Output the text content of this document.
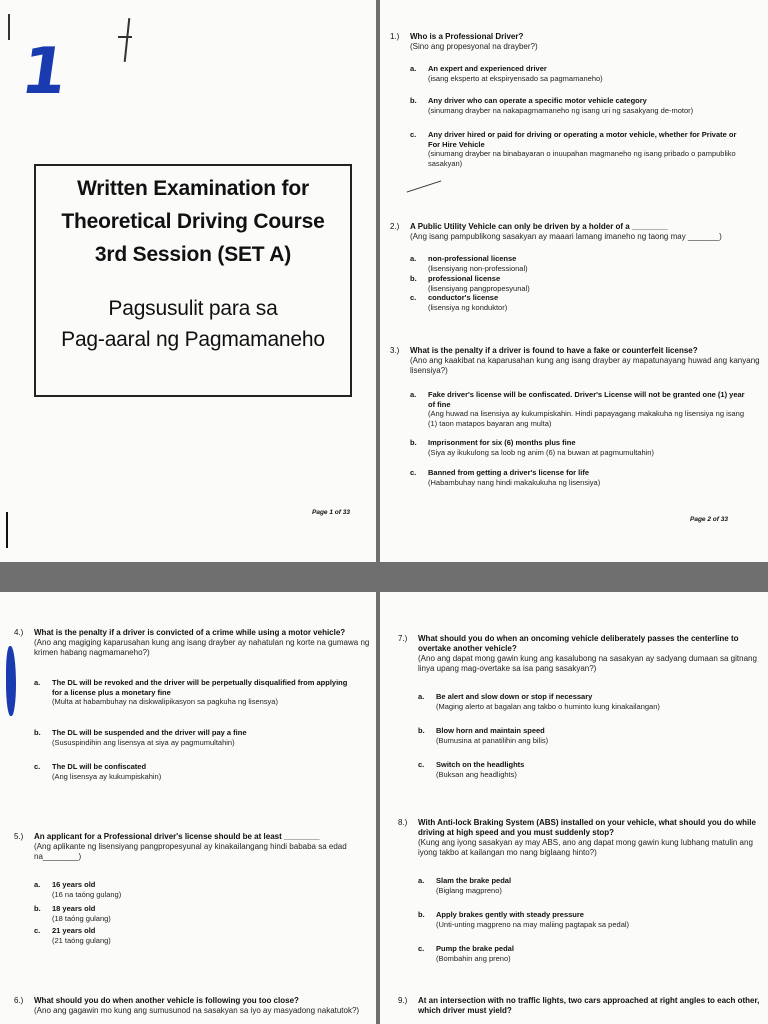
1
Written Examination for
Theoretical Driving Course
3rd Session (SET A)
Pagsusulit para sa
Pag-aaral ng Pagmamaneho
Page 1 of 33
1.) Who is a Professional Driver?
(Sino ang propesyonal na drayber?)
a. An expert and experienced driver
(isang eksperto at ekspiryensado sa pagmamaneho)
b. Any driver who can operate a specific motor vehicle category
(sinumang drayber na nakapagmamaneho ng isang uri ng sasakyang de-motor)
c. Any driver hired or paid for driving or operating a motor vehicle, whether for Private or For Hire Vehicle
(sinumang drayber na binabayaran o inuupahan magmaneho ng isang pribado o pampubliko sasakyan)
2.) A Public Utility Vehicle can only be driven by a holder of a ________
(Ang isang pampublikong sasakyan ay maaari lamang imaneho ng taong may _______)
a. non-professional license
(lisensiyang non-professional)
b. professional license
(lisensiyang pangpropesyunal)
c. conductor's license
(lisensiya ng konduktor)
3.) What is the penalty if a driver is found to have a fake or counterfeit license?
(Ano ang kaakibat na kaparusahan kung ang isang drayber ay mapatunayang huwad ang kanyang lisensiya?)
a. Fake driver's license will be confiscated. Driver's License will not be granted one (1) year of fine
(Ang huwad na lisensiya ay kukumpiskahin. Hindi papayagang makakuha ng lisensiya ng isang (1) taon matapos bayaran ang multa)
b. Imprisonment for six (6) months plus fine
(Siya ay ikukulong sa loob ng anim (6) na buwan at pagmumultahin)
c. Banned from getting a driver's license for life
(Habambuhay nang hindi makakukuha ng lisensiya)
Page 2 of 33
4.) What is the penalty if a driver is convicted of a crime while using a motor vehicle?
(Ano ang magiging kaparusahan kung ang isang drayber ay nahatulan ng korte na gumawa ng krimen habang nagmamaneho?)
a. The DL will be revoked and the driver will be perpetually disqualified from applying for a license plus a monetary fine
(Multa at habambuhay na diskwalipikasyon sa pagkuha ng lisensya)
b. The DL will be suspended and the driver will pay a fine
(Sususpindihin ang lisensya at siya ay pagmumultahin)
c. The DL will be confiscated
(Ang lisensya ay kukumpiskahin)
5.) An applicant for a Professional driver's license should be at least ________
(Ang aplikante ng lisensiyang pangpropesyunal ay kinakailangang hindi bababa sa edad na________)
a. 16 years old
(16 na taóng gulang)
b. 18 years old
(18 taóng gulang)
c. 21 years old
(21 taóng gulang)
6.) What should you do when another vehicle is following you too close?
(Ano ang gagawin mo kung ang sumusunod na sasakyan sa iyo ay masyadong nakatutok?)
7.) What should you do when an oncoming vehicle deliberately passes the centerline to overtake another vehicle?
(Ano ang dapat mong gawin kung ang kasalubong na sasakyan ay sadyang dumaan sa gitnang linya upang mag-overtake sa isa pang sasakyan?)
a. Be alert and slow down or stop if necessary
(Maging alerto at bagalan ang takbo o huminto kung kinakailangan)
b. Blow horn and maintain speed
(Bumusina at panatilihin ang bilis)
c. Switch on the headlights
(Buksan ang headlights)
8.) With Anti-lock Braking System (ABS) installed on your vehicle, what should you do while driving at high speed and you must suddenly stop?
(Kung ang iyong sasakyan ay may ABS, ano ang dapat mong gawin kung lubhang matulin ang iyong takbo at kailangan mo nang biglaang hinto?)
a. Slam the brake pedal
(Biglang magpreno)
b. Apply brakes gently with steady pressure
(Unti-unting magpreno na may maliing pagtapak sa pedal)
c. Pump the brake pedal
(Bombahin ang preno)
9.) At an intersection with no traffic lights, two cars approached at right angles to each other, which driver must yield?
